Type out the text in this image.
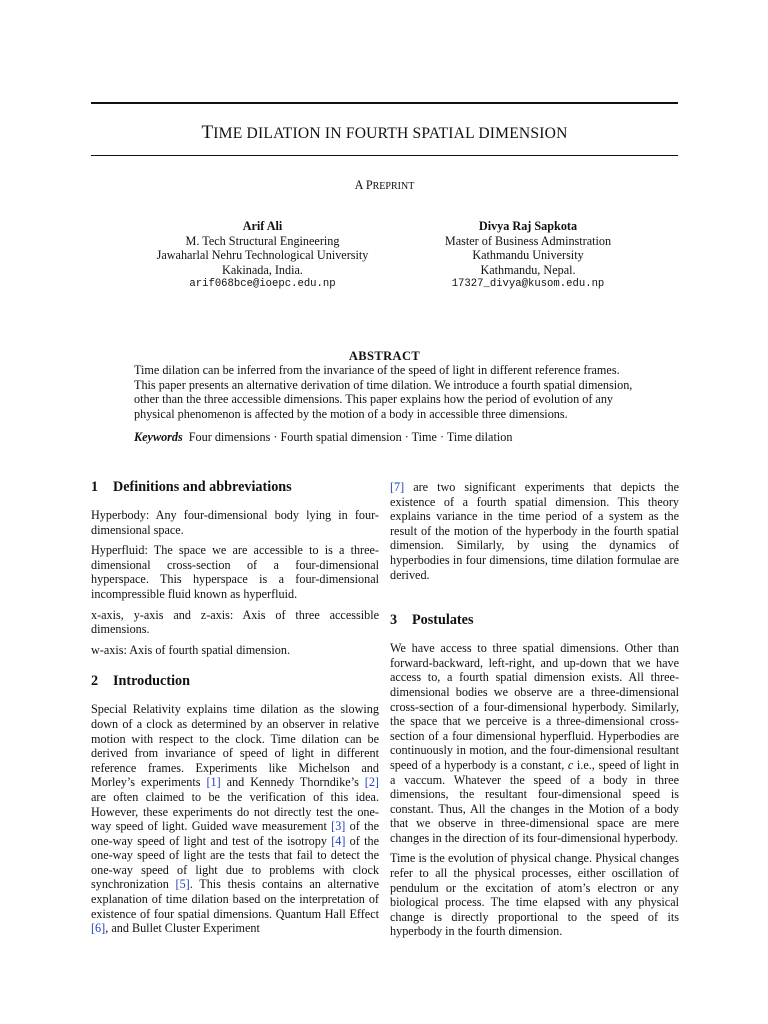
TIME DILATION IN FOURTH SPATIAL DIMENSION
A PREPRINT
Arif Ali
M. Tech Structural Engineering
Jawaharlal Nehru Technological University
Kakinada, India.
arif068bce@ioepc.edu.np
Divya Raj Sapkota
Master of Business Adminstration
Kathmandu University
Kathmandu, Nepal.
17327_divya@kusom.edu.np
ABSTRACT
Time dilation can be inferred from the invariance of the speed of light in different reference frames. This paper presents an alternative derivation of time dilation. We introduce a fourth spatial dimension, other than the three accessible dimensions. This paper explains how the period of evolution of any physical phenomenon is affected by the motion of a body in accessible three dimensions.
Keywords Four dimensions · Fourth spatial dimension · Time · Time dilation
1 Definitions and abbreviations

Hyperbody: Any four-dimensional body lying in four-dimensional space.

Hyperfluid: The space we are accessible to is a three-dimensional cross-section of a four-dimensional hyperspace. This hyperspace is a four-dimensional incompressible fluid known as hyperfluid.

x-axis, y-axis and z-axis: Axis of three accessible dimensions.

w-axis: Axis of fourth spatial dimension.

2 Introduction

Special Relativity explains time dilation as the slowing down of a clock as determined by an observer in relative motion with respect to the clock. Time dilation can be derived from invariance of speed of light in different reference frames. Experiments like Michelson and Morley’s experiments [1] and Kennedy Thorndike’s [2] are often claimed to be the verification of this idea. However, these experiments do not directly test the one-way speed of light. Guided wave measurement [3] of the one-way speed of light and test of the isotropy [4] of the one-way speed of light are the tests that fail to detect the one-way speed of light due to problems with clock synchronization [5]. This thesis contains an alternative explanation of time dilation based on the interpretation of existence of four spatial dimensions. Quantum Hall Effect [6], and Bullet Cluster Experiment

[7] are two significant experiments that depicts the existence of a fourth spatial dimension. This theory explains variance in the time period of a system as the result of the motion of the hyperbody in the fourth spatial dimension. Similarly, by using the dynamics of hyperbodies in four dimensions, time dilation formulae are derived.

3 Postulates

We have access to three spatial dimensions. Other than forward-backward, left-right, and up-down that we have access to, a fourth spatial dimension exists. All three-dimensional bodies we observe are a three-dimensional cross-section of a four-dimensional hyperbody. Similarly, the space that we perceive is a three-dimensional cross-section of a four dimensional hyperfluid. Hyperbodies are continuously in motion, and the four-dimensional resultant speed of a hyperbody is a constant, c i.e., speed of light in a vaccum. Whatever the speed of a body in three dimensions, the resultant four-dimensional speed is constant. Thus, All the changes in the Motion of a body that we observe in three-dimensional space are mere changes in the direction of its four-dimensional hyperbody.

Time is the evolution of physical change. Physical changes refer to all the physical processes, either oscillation of pendulum or the excitation of atom’s electron or any biological process. The time elapsed with any physical change is directly proportional to the speed of its hyperbody in the fourth dimension.
